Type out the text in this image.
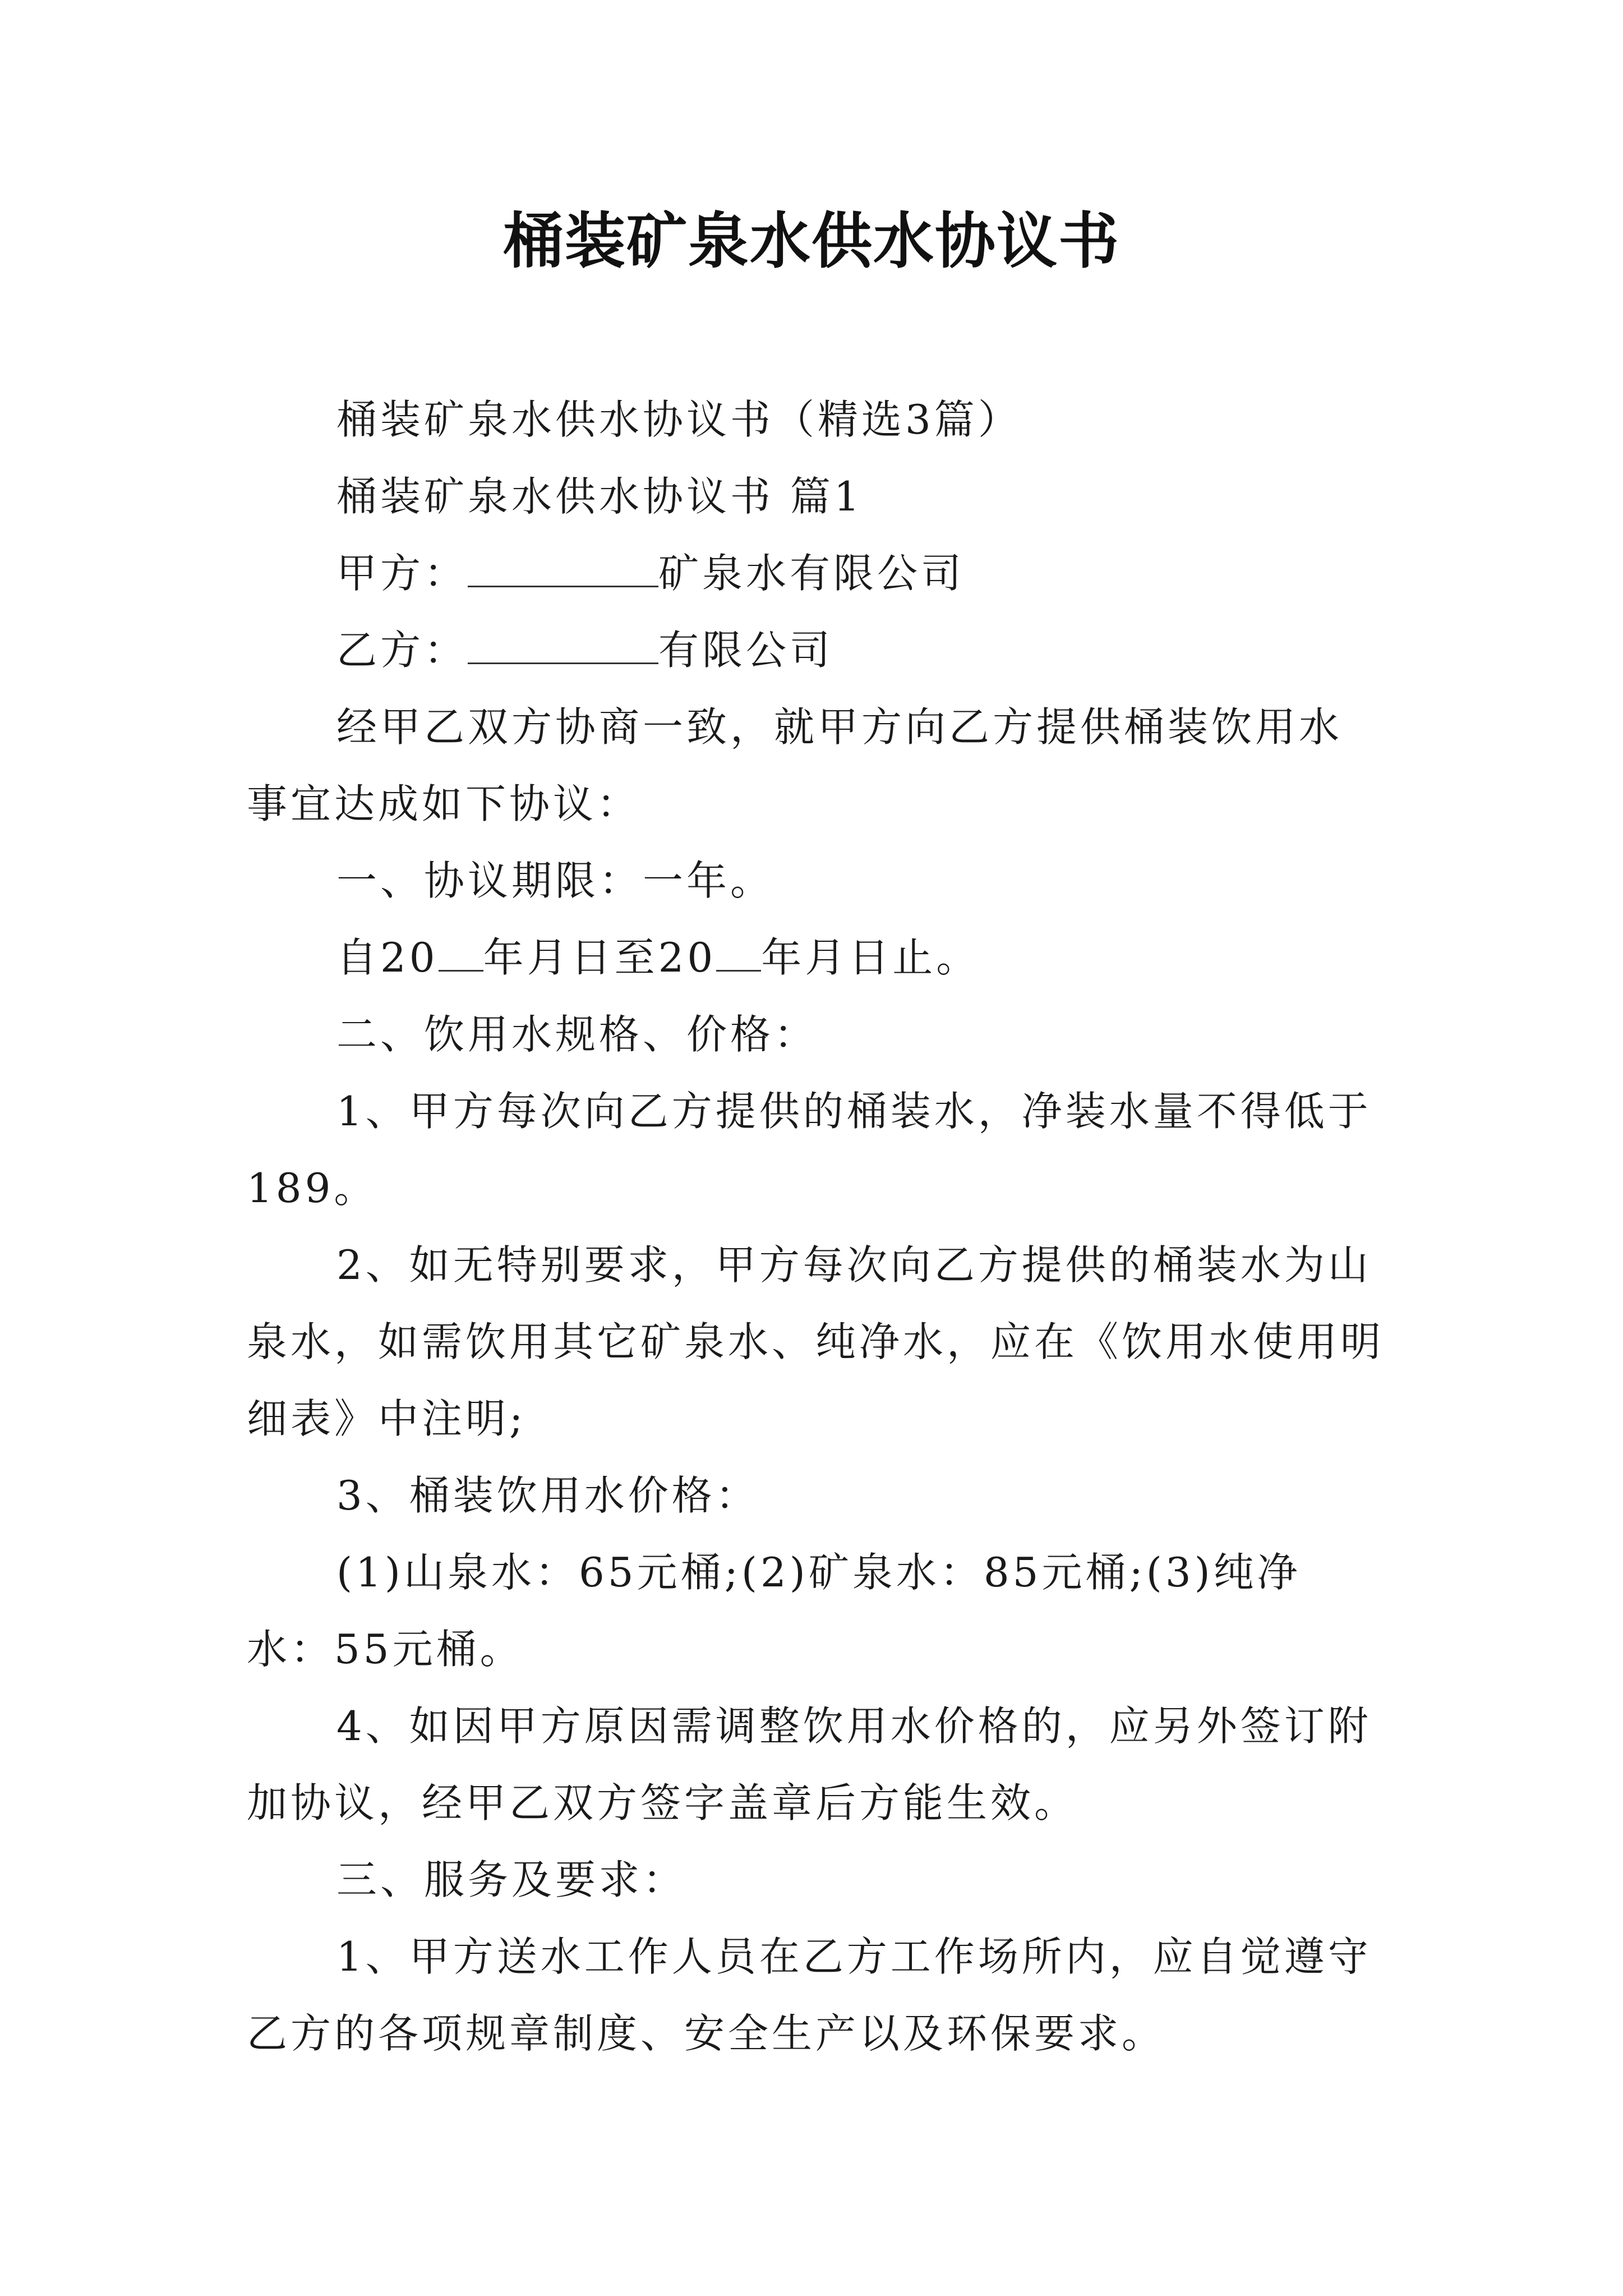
桶装矿泉水供水协议书

桶装矿泉水供水协议书（精选3篇）

桶装矿泉水供水协议书 篇1

甲方：	矿泉水有限公司

乙方：	有限公司

经甲乙双方协商一致，就甲方向乙方提供桶装饮用水事宜达成如下协议：

一、协议期限：一年。

自20 年月日至20 年月日止。

二、饮用水规格、价格：

1、甲方每次向乙方提供的桶装水，净装水量不得低于189。

2、如无特别要求，甲方每次向乙方提供的桶装水为山泉水，如需饮用其它矿泉水、纯净水，应在《饮用水使用明细表》中注明;

3、桶装饮用水价格：

(1)山泉水：65元桶;(2)矿泉水：85元桶;(3)纯净水：55元桶。

4、如因甲方原因需调整饮用水价格的，应另外签订附加协议，经甲乙双方签字盖章后方能生效。

三、服务及要求：

1、甲方送水工作人员在乙方工作场所内，应自觉遵守乙方的各项规章制度、安全生产以及环保要求。
